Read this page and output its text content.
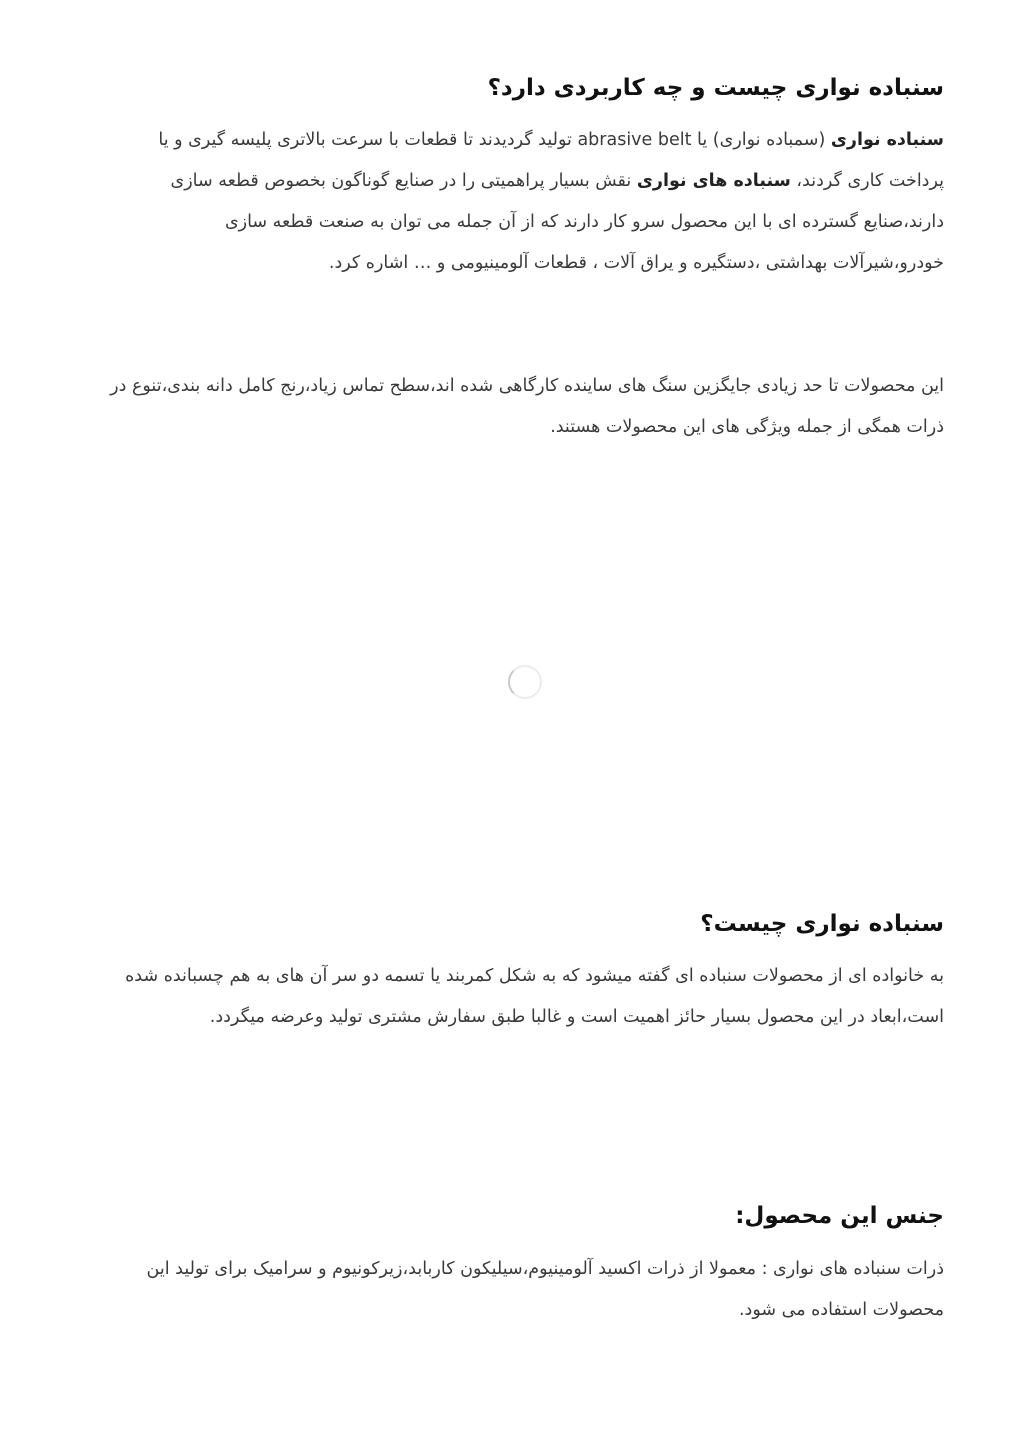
سنباده نواری چیست و چه کاربردی دارد؟

سنباده نواری (سمباده نواری) یا abrasive belt تولید گردیدند تا قطعات با سرعت بالاتری پلیسه گیری و یا پرداخت کاری گردند، سنباده های نواری نقش بسیار پراهمیتی را در صنایع گوناگون بخصوص قطعه سازی دارند،صنایع گسترده ای با این محصول سرو کار دارند که از آن جمله می توان به صنعت قطعه سازی خودرو،شیرآلات بهداشتی ،دستگیره و یراق آلات ، قطعات آلومینیومی و … اشاره کرد.

این محصولات تا حد زیادی جایگزین سنگ های ساینده کارگاهی شده اند،سطح تماس زیاد،رنج کامل دانه بندی،تنوع در ذرات همگی از جمله ویژگی های این محصولات هستند.

سنباده نواری چیست؟

به خانواده ای از محصولات سنباده ای گفته میشود که به شکل کمربند یا تسمه دو سر آن های به هم چسبانده شده است،ابعاد در این محصول بسیار حائز اهمیت است و غالبا طبق سفارش مشتری تولید وعرضه میگردد.

جنس این محصول:

ذرات سنباده های نواری : معمولا از ذرات اکسید آلومینیوم،سیلیکون کاربابد،زیرکونیوم و سرامیک برای تولید این محصولات استفاده می شود.
